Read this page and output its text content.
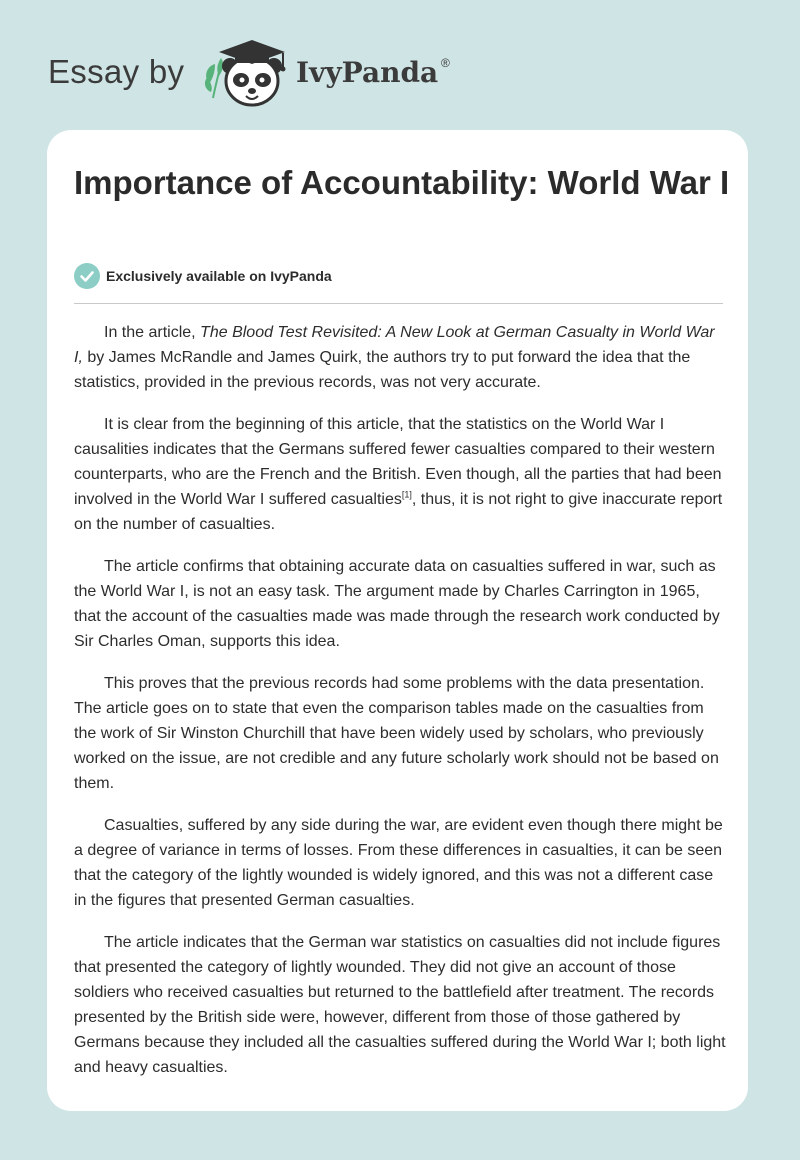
Essay by	IvyPanda ®
Importance of Accountability: World War I
Exclusively available on IvyPanda

In the article, The Blood Test Revisited: A New Look at German Casualty in World War I, by James McRandle and James Quirk, the authors try to put forward the idea that the statistics, provided in the previous records, was not very accurate.

It is clear from the beginning of this article, that the statistics on the World War I causalities indicates that the Germans suffered fewer casualties compared to their western counterparts, who are the French and the British. Even though, all the parties that had been involved in the World War I suffered casualties[1], thus, it is not right to give inaccurate report on the number of casualties.

The article confirms that obtaining accurate data on casualties suffered in war, such as the World War I, is not an easy task. The argument made by Charles Carrington in 1965, that the account of the casualties made was made through the research work conducted by Sir Charles Oman, supports this idea.

This proves that the previous records had some problems with the data presentation. The article goes on to state that even the comparison tables made on the casualties from the work of Sir Winston Churchill that have been widely used by scholars, who previously worked on the issue, are not credible and any future scholarly work should not be based on them.

Casualties, suffered by any side during the war, are evident even though there might be a degree of variance in terms of losses. From these differences in casualties, it can be seen that the category of the lightly wounded is widely ignored, and this was not a different case in the figures that presented German casualties.

The article indicates that the German war statistics on casualties did not include figures that presented the category of lightly wounded. They did not give an account of those soldiers who received casualties but returned to the battlefield after treatment. The records presented by the British side were, however, different from those of those gathered by Germans because they included all the casualties suffered during the World War I; both light and heavy casualties.
